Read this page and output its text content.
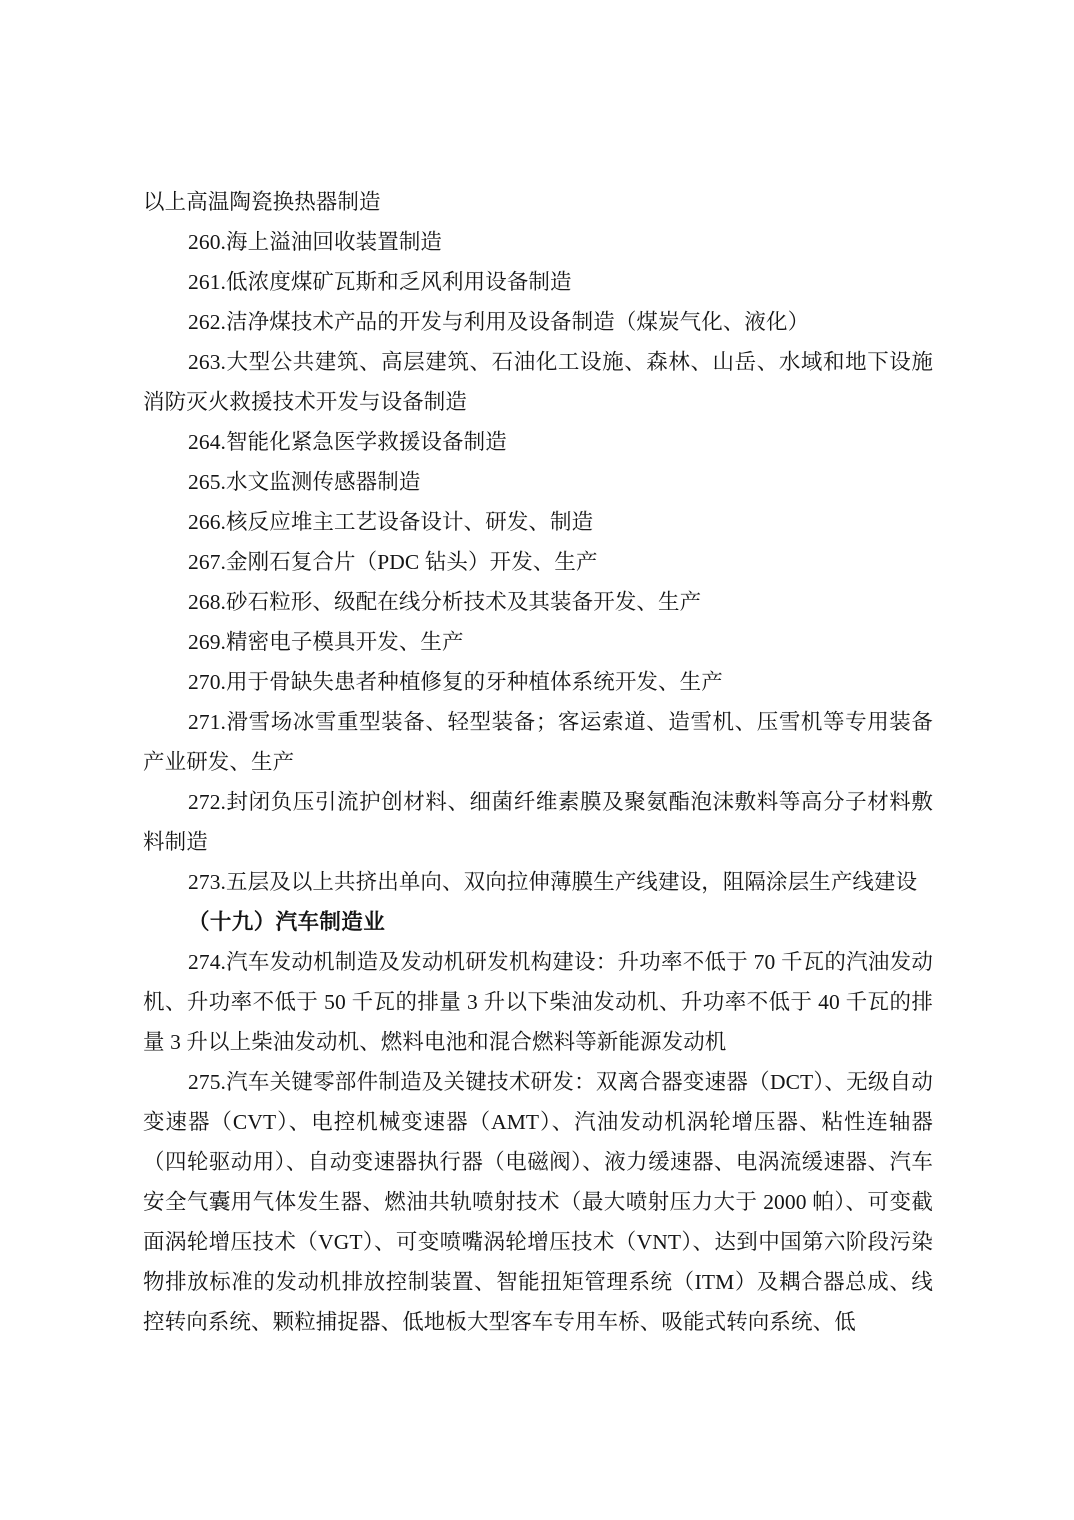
以上高温陶瓷换热器制造

260.海上溢油回收装置制造

261.低浓度煤矿瓦斯和乏风利用设备制造

262.洁净煤技术产品的开发与利用及设备制造（煤炭气化、液化）

263.大型公共建筑、高层建筑、石油化工设施、森林、山岳、水域和地下设施消防灭火救援技术开发与设备制造

264.智能化紧急医学救援设备制造

265.水文监测传感器制造

266.核反应堆主工艺设备设计、研发、制造

267.金刚石复合片（PDC 钻头）开发、生产

268.砂石粒形、级配在线分析技术及其装备开发、生产

269.精密电子模具开发、生产

270.用于骨缺失患者种植修复的牙种植体系统开发、生产

271.滑雪场冰雪重型装备、轻型装备；客运索道、造雪机、压雪机等专用装备产业研发、生产

272.封闭负压引流护创材料、细菌纤维素膜及聚氨酯泡沫敷料等高分子材料敷料制造

273.五层及以上共挤出单向、双向拉伸薄膜生产线建设，阻隔涂层生产线建设

（十九）汽车制造业

274.汽车发动机制造及发动机研发机构建设：升功率不低于 70 千瓦的汽油发动机、升功率不低于 50 千瓦的排量 3 升以下柴油发动机、升功率不低于 40 千瓦的排量 3 升以上柴油发动机、燃料电池和混合燃料等新能源发动机

275.汽车关键零部件制造及关键技术研发：双离合器变速器（DCT）、无级自动变速器（CVT）、电控机械变速器（AMT）、汽油发动机涡轮增压器、粘性连轴器（四轮驱动用）、自动变速器执行器（电磁阀）、液力缓速器、电涡流缓速器、汽车安全气囊用气体发生器、燃油共轨喷射技术（最大喷射压力大于 2000 帕）、可变截面涡轮增压技术（VGT）、可变喷嘴涡轮增压技术（VNT）、达到中国第六阶段污染物排放标准的发动机排放控制装置、智能扭矩管理系统（ITM）及耦合器总成、线控转向系统、颗粒捕捉器、低地板大型客车专用车桥、吸能式转向系统、低
